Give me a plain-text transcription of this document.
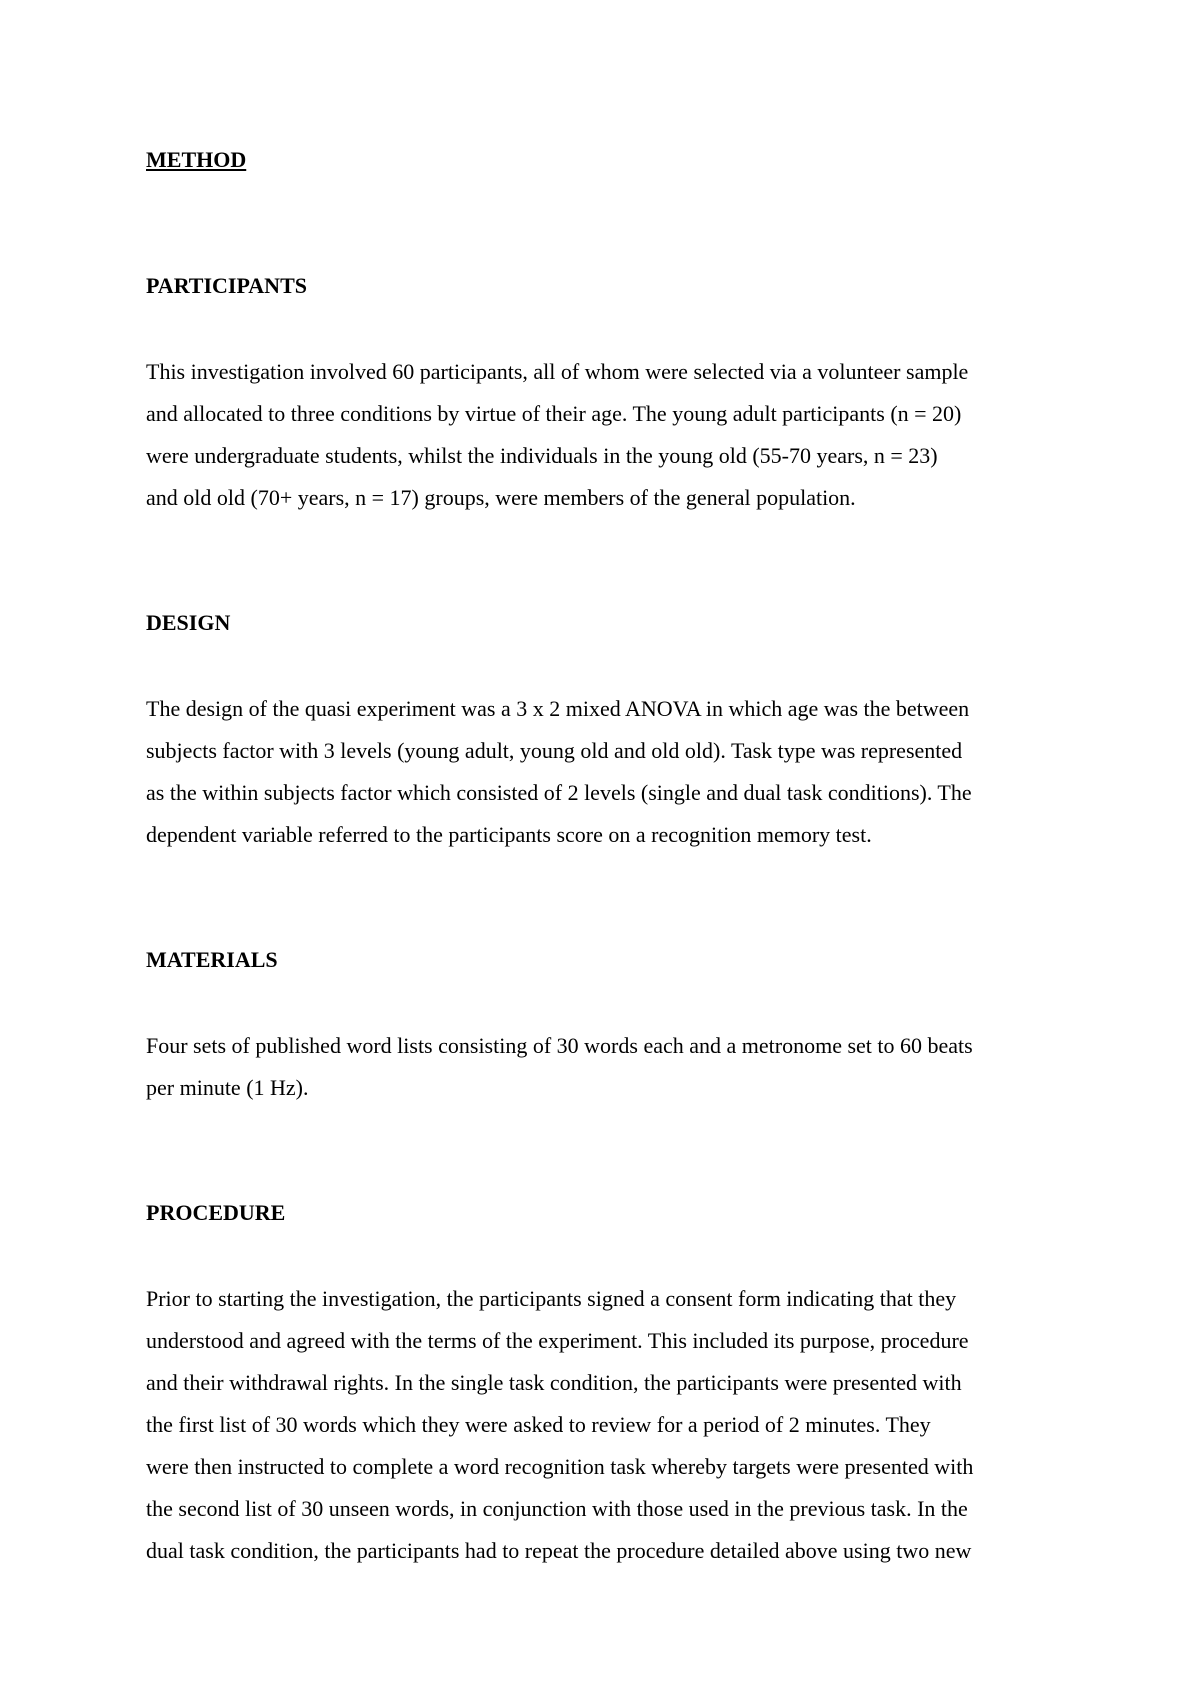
METHOD

PARTICIPANTS

This investigation involved 60 participants, all of whom were selected via a volunteer sample
and allocated to three conditions by virtue of their age. The young adult participants (n = 20)
were undergraduate students, whilst the individuals in the young old (55-70 years, n = 23)
and old old (70+ years, n = 17) groups, were members of the general population.

DESIGN

The design of the quasi experiment was a 3 x 2 mixed ANOVA in which age was the between
subjects factor with 3 levels (young adult, young old and old old). Task type was represented
as the within subjects factor which consisted of 2 levels (single and dual task conditions). The
dependent variable referred to the participants score on a recognition memory test.

MATERIALS

Four sets of published word lists consisting of 30 words each and a metronome set to 60 beats
per minute (1 Hz).

PROCEDURE

Prior to starting the investigation, the participants signed a consent form indicating that they
understood and agreed with the terms of the experiment. This included its purpose, procedure
and their withdrawal rights. In the single task condition, the participants were presented with
the first list of 30 words which they were asked to review for a period of 2 minutes. They
were then instructed to complete a word recognition task whereby targets were presented with
the second list of 30 unseen words, in conjunction with those used in the previous task. In the
dual task condition, the participants had to repeat the procedure detailed above using two new
